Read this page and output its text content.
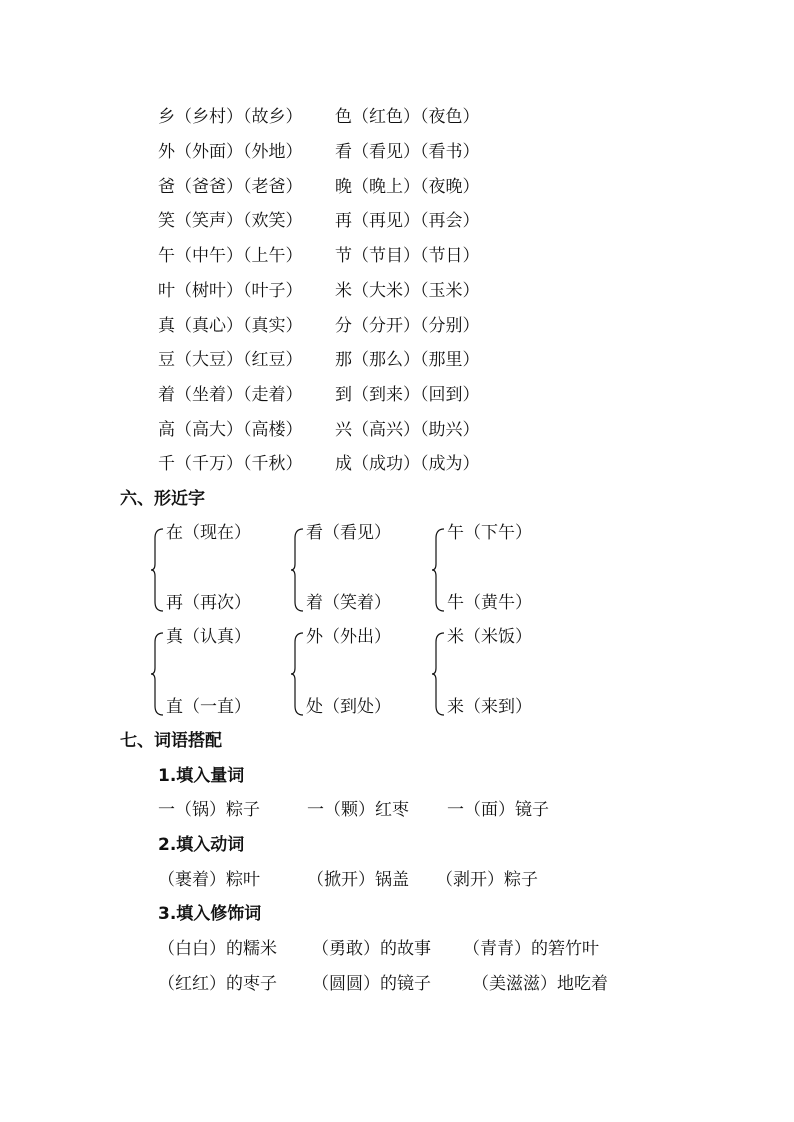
乡（乡村）（故乡） 色（红色）（夜色）
外（外面）（外地） 看（看见）（看书）
爸（爸爸）（老爸） 晚（晚上）（夜晚）
笑（笑声）（欢笑） 再（再见）（再会）
午（中午）（上午） 节（节目）（节日）
叶（树叶）（叶子） 米（大米）（玉米）
真（真心）（真实） 分（分开）（分别）
豆（大豆）（红豆） 那（那么）（那里）
着（坐着）（走着） 到（到来）（回到）
高（高大）（高楼） 兴（高兴）（助兴）
千（千万）（千秋） 成（成功）（成为）
六、形近字
在（现在）
再（再次）
看（看见）
着（笑着）
午（下午）
牛（黄牛）
真（认真）
直（一直）
外（外出）
处（到处）
米（米饭）
来（来到）
七、词语搭配
1.填入量词
一（锅）粽子	一（颗）红枣 一（面）镜子
2.填入动词
（裹着）粽叶	（掀开）锅盖 （剥开）粽子
3.填入修饰词
（白白）的糯米 （勇敢）的故事 （青青）的箬竹叶
（红红）的枣子 （圆圆）的镜子 （美滋滋）地吃着
